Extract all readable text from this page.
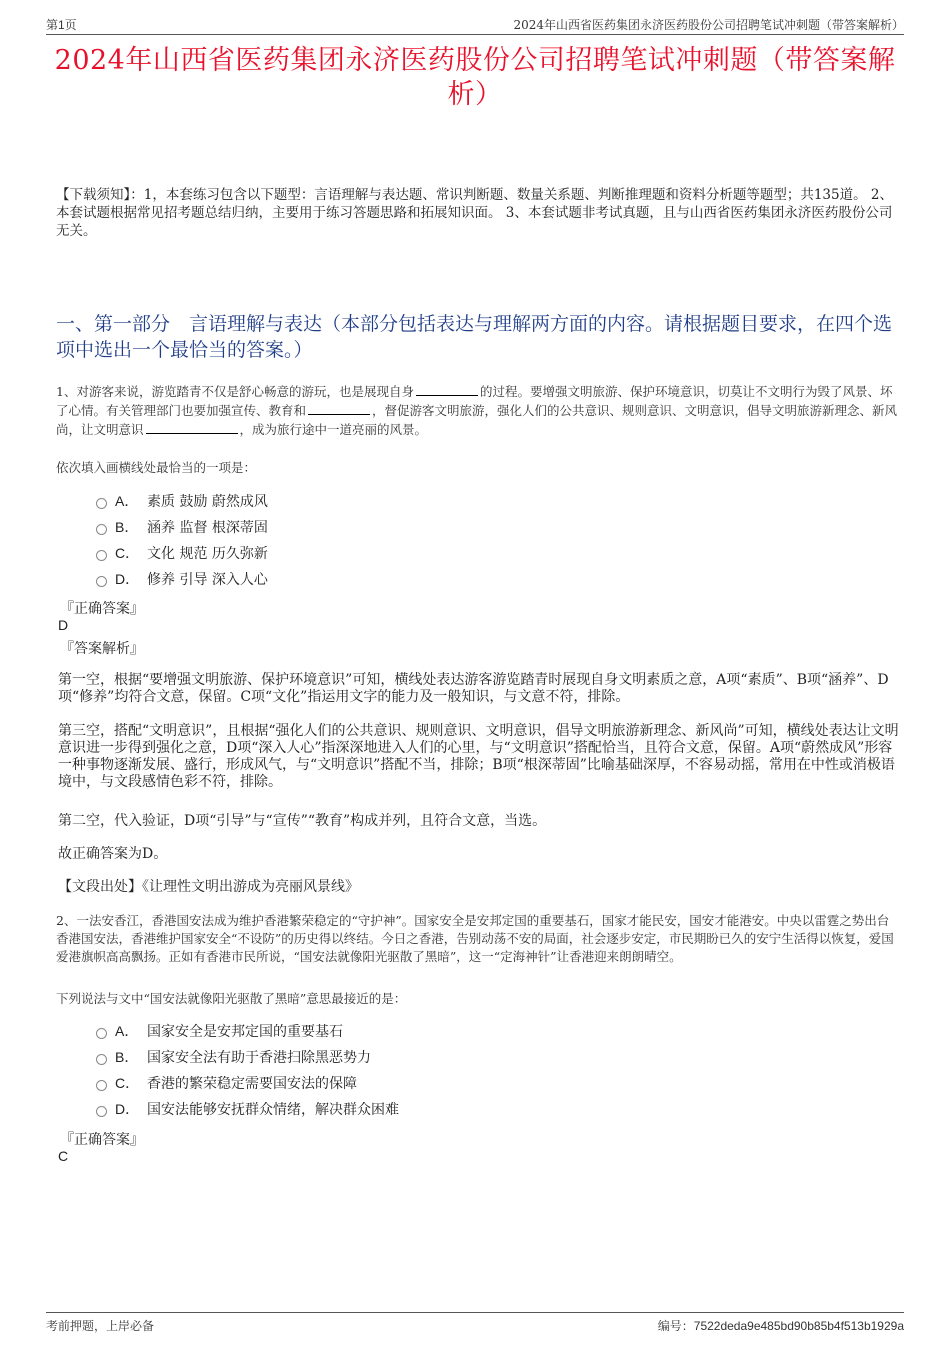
第1页	2024年山西省医药集团永济医药股份公司招聘笔试冲刺题（带答案解析）
2024年山西省医药集团永济医药股份公司招聘笔试冲刺题（带答案解析）
【下载须知】：1，本套练习包含以下题型：言语理解与表达题、常识判断题、数量关系题、判断推理题和资料分析题等题型；共135道。 2、本套试题根据常见招考题总结归纳，主要用于练习答题思路和拓展知识面。 3、本套试题非考试真题，且与山西省医药集团永济医药股份公司无关。
一、第一部分　言语理解与表达（本部分包括表达与理解两方面的内容。请根据题目要求，在四个选项中选出一个最恰当的答案。）
1、对游客来说，游览踏青不仅是舒心畅意的游玩，也是展现自身	的过程。要增强文明旅游、保护环境意识，切莫让不文明行为毁了风景、坏了心情。有关管理部门也要加强宣传、教育和	，督促游客文明旅游，强化人们的公共意识、规则意识、文明意识，倡导文明旅游新理念、新风尚，让文明意识	，成为旅行途中一道亮丽的风景。
依次填入画横线处最恰当的一项是：
A． 素质 鼓励 蔚然成风
B． 涵养 监督 根深蒂固
C． 文化 规范 历久弥新
D． 修养 引导 深入人心
『正确答案』
D
『答案解析』
第一空，根据“要增强文明旅游、保护环境意识”可知，横线处表达游客游览踏青时展现自身文明素质之意，A项“素质”、B项“涵养”、D项“修养”均符合文意，保留。C项“文化”指运用文字的能力及一般知识，与文意不符，排除。
第三空，搭配“文明意识”，且根据“强化人们的公共意识、规则意识、文明意识，倡导文明旅游新理念、新风尚”可知，横线处表达让文明意识进一步得到强化之意，D项“深入人心”指深深地进入人们的心里，与“文明意识”搭配恰当，且符合文意，保留。A项“蔚然成风”形容一种事物逐渐发展、盛行，形成风气，与“文明意识”搭配不当，排除；B项“根深蒂固”比喻基础深厚，不容易动摇，常用在中性或消极语境中，与文段感情色彩不符，排除。
第二空，代入验证，D项“引导”与“宣传”“教育”构成并列，且符合文意，当选。
故正确答案为D。
【文段出处】《让理性文明出游成为亮丽风景线》
2、一法安香江，香港国安法成为维护香港繁荣稳定的“守护神”。国家安全是安邦定国的重要基石，国家才能民安，国安才能港安。中央以雷霆之势出台香港国安法，香港维护国家安全“不设防”的历史得以终结。今日之香港，告别动荡不安的局面，社会逐步安定，市民期盼已久的安宁生活得以恢复，爱国爱港旗帜高高飘扬。正如有香港市民所说，“国安法就像阳光驱散了黑暗”，这一“定海神针”让香港迎来朗朗晴空。
下列说法与文中“国安法就像阳光驱散了黑暗”意思最接近的是：
A． 国家安全是安邦定国的重要基石
B． 国家安全法有助于香港扫除黑恶势力
C． 香港的繁荣稳定需要国安法的保障
D． 国安法能够安抚群众情绪，解决群众困难
『正确答案』
C
考前押题，上岸必备	编号：7522deda9e485bd90b85b4f513b1929a
